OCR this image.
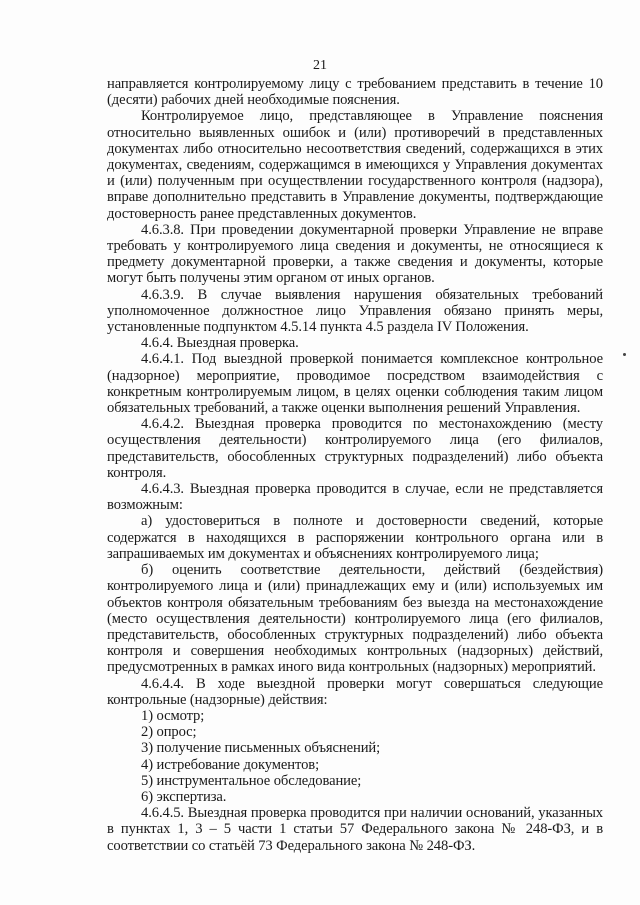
21

направляется контролируемому лицу с требованием представить в течение 10 (десяти) рабочих дней необходимые пояснения.

Контролируемое лицо, представляющее в Управление пояснения относительно выявленных ошибок и (или) противоречий в представленных документах либо относительно несоответствия сведений, содержащихся в этих документах, сведениям, содержащимся в имеющихся у Управления документах и (или) полученным при осуществлении государственного контроля (надзора), вправе дополнительно представить в Управление документы, подтверждающие достоверность ранее представленных документов.

4.6.3.8. При проведении документарной проверки Управление не вправе требовать у контролируемого лица сведения и документы, не относящиеся к предмету документарной проверки, а также сведения и документы, которые могут быть получены этим органом от иных органов.

4.6.3.9. В случае выявления нарушения обязательных требований уполномоченное должностное лицо Управления обязано принять меры, установленные подпунктом 4.5.14 пункта 4.5 раздела IV Положения.

4.6.4. Выездная проверка.

4.6.4.1. Под выездной проверкой понимается комплексное контрольное (надзорное) мероприятие, проводимое посредством взаимодействия с конкретным контролируемым лицом, в целях оценки соблюдения таким лицом обязательных требований, а также оценки выполнения решений Управления.

4.6.4.2. Выездная проверка проводится по местонахождению (месту осуществления деятельности) контролируемого лица (его филиалов, представительств, обособленных структурных подразделений) либо объекта контроля.

4.6.4.3. Выездная проверка проводится в случае, если не представляется возможным:

а) удостовериться в полноте и достоверности сведений, которые содержатся в находящихся в распоряжении контрольного органа или в запрашиваемых им документах и объяснениях контролируемого лица;

б) оценить соответствие деятельности, действий (бездействия) контролируемого лица и (или) принадлежащих ему и (или) используемых им объектов контроля обязательным требованиям без выезда на местонахождение (место осуществления деятельности) контролируемого лица (его филиалов, представительств, обособленных структурных подразделений) либо объекта контроля и совершения необходимых контрольных (надзорных) действий, предусмотренных в рамках иного вида контрольных (надзорных) мероприятий.

4.6.4.4. В ходе выездной проверки могут совершаться следующие контрольные (надзорные) действия:

1) осмотр;

2) опрос;

3) получение письменных объяснений;

4) истребование документов;

5) инструментальное обследование;

6) экспертиза.

4.6.4.5. Выездная проверка проводится при наличии оснований, указанных в пунктах 1, 3 – 5 части 1 статьи 57 Федерального закона № 248-ФЗ, и в соответствии со статьёй 73 Федерального закона № 248-ФЗ.
